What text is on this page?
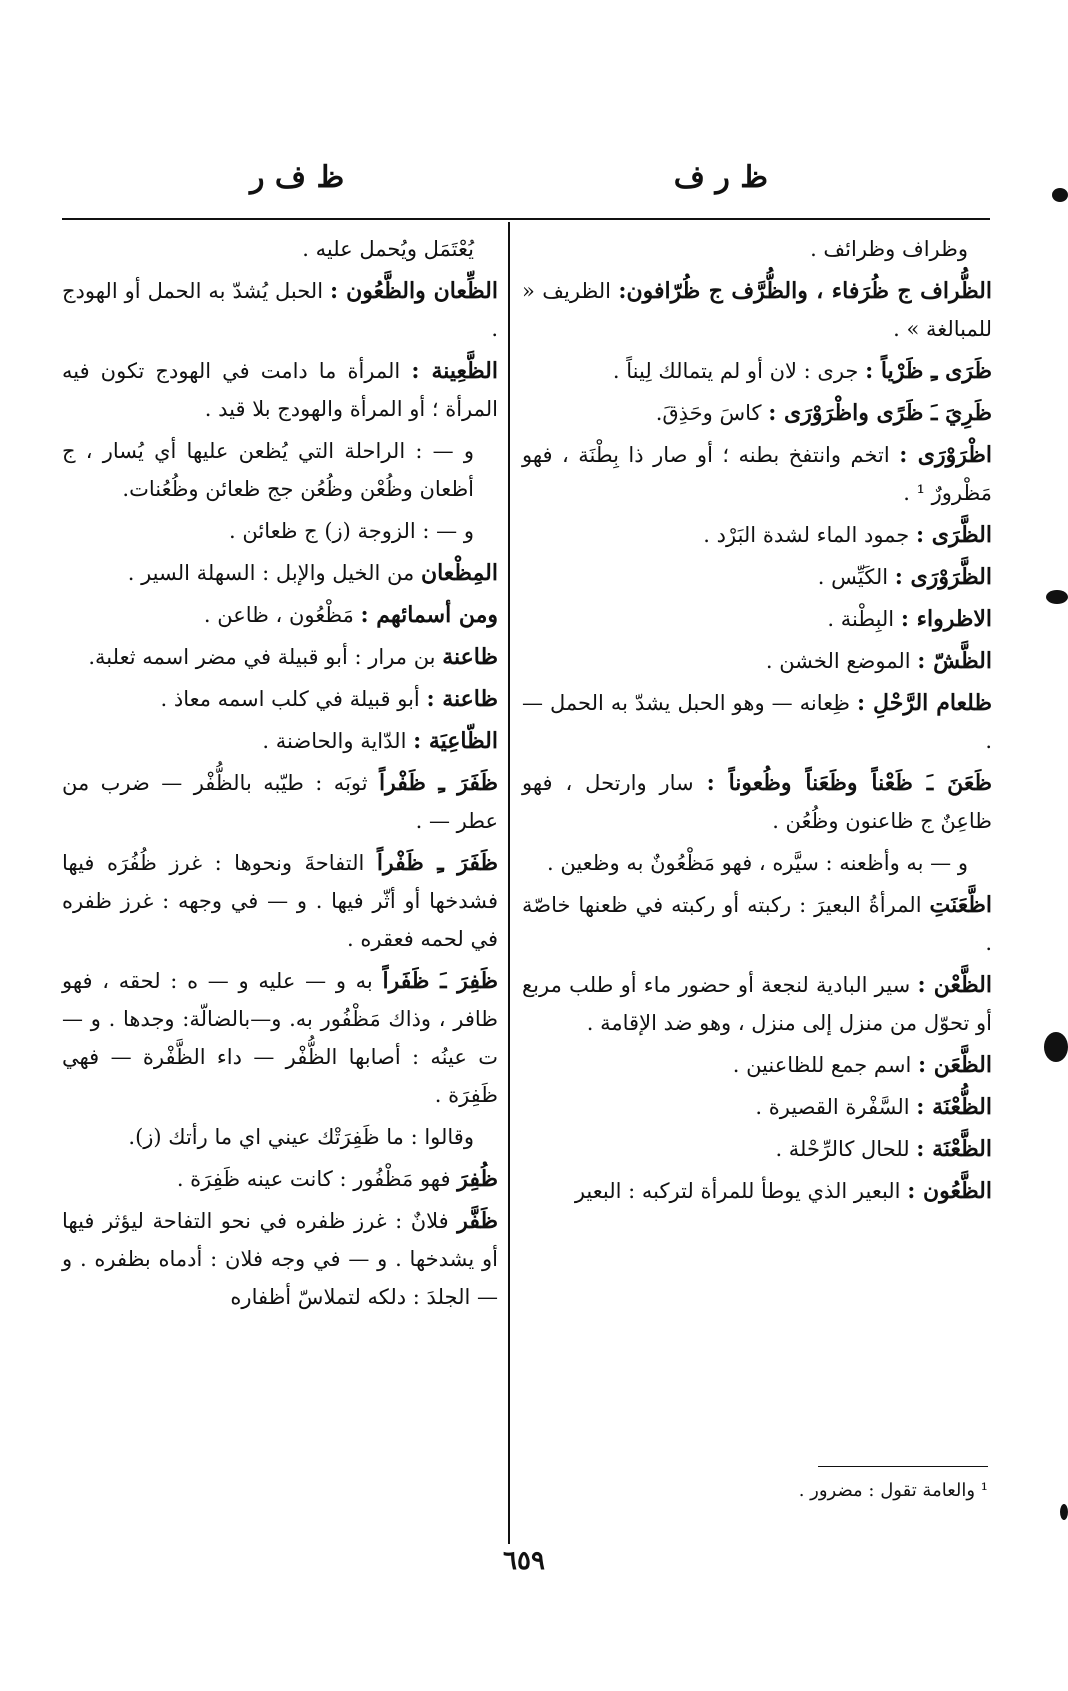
ظ ر ف
ظ ف ر
وظراف وظرائف .
الظُّراف ج ظُرَفاء ، والظُّرَّف ج ظُرّافون: الظريف « للمبالغة » .
ظَرَى ـِ ظَرْياً : جرى : لان أو لم يتمالك لِيناً .
ظَرِيَ ـَ ظَرًى واظْرَوْرَى : كاسَ وحَذِقَ.
اظْرَوْرَى : اتخم وانتفخ بطنه ؛ أو صار ذا بِطْنَة ، فهو مَظْرورٌ ¹ .
الظَّرَى : جمود الماء لشدة البَرْد .
الظَّرَوْرَى : الكَيِّس .
الاظرواء : البِطْنة .
الظَّشّ : الموضع الخشن .
ظلعام الرَّحْلِ : ظِعانه — وهو الحبل يشدّ به الحمل — .
ظَعَنَ ـَ ظَعْناً وظَعَناً وظُعوناً : سار وارتحل ، فهو ظاعِنٌ ج ظاعنون وظُعُن .
و — به وأظعنه : سيَّره ، فهو مَظْعُونٌ به وظعين .
اظَّعَنَتِ المرأةُ البعيرَ : ركبته أو ركبته في ظعنها خاصّة .
الظَّعْن : سير البادية لنجعة أو حضور ماء أو طلب مربع أو تحوّل من منزل إلى منزل ، وهو ضد الإقامة .
الظَّعَن : اسم جمع للظاعنين .
الظُّعْنَة : السَّفْرة القصيرة .
الظَّعْنَة : للحال كالرِّحْلة .
الظَّعُون : البعير الذي يوطأ للمرأة لتركبه : البعير
يُعْتَمَل ويُحمل عليه .
الظِّعان والظَّعُون : الحبل يُشدّ به الحمل أو الهودج .
الظَّعِينة : المرأة ما دامت في الهودج تكون فيه المرأة ؛ أو المرأة والهودج بلا قيد .
و — : الراحلة التي يُظعن عليها أي يُسار ، ج أظعان وظُعْن وظُعُن جج ظعائن وظُعُنات.
و — : الزوجة (ز) ج ظعائن .
المِظْعان من الخيل والإبل : السهلة السير .
ومن أسمائهم : مَظْعُون ، ظاعن .
ظاعنة بن مرار : أبو قبيلة في مضر اسمه ثعلبة.
ظاعنة : أبو قبيلة في كلب اسمه معاذ .
الظّاعِيَة : الدّاية والحاضنة .
ظَفَرَ ـِ ظَفْراً ثوبَه : طيّبه بالظُّفْر — ضرب من عطر — .
ظَفَرَ ـِ ظَفْراً التفاحةَ ونحوها : غرز ظُفُرَه فيها فشدخها أو أثّر فيها . و — في وجهه : غرز ظفره في لحمه فعقره .
ظَفِرَ ـَ ظَفَراً به و — عليه و — ه : لحقه ، فهو ظافر ، وذاك مَظْفُور به. و—بالضالّة: وجدها . و — ت عينُه : أصابها الظُّفْر — داء الظَّفْرة — فهي ظَفِرَة .
وقالوا : ما ظَفِرَتْك عيني اي ما رأتك (ز).
ظُفِرَ فهو مَظْفُور : كانت عينه ظَفِرَة .
ظَفَّر فلانٌ : غرز ظفره في نحو التفاحة ليؤثر فيها أو يشدخها . و — في وجه فلان : أدماه بظفره . و — الجلدَ : دلكه لتملاسّ أظفاره
¹ والعامة تقول : مضرور .
٦٥٩
